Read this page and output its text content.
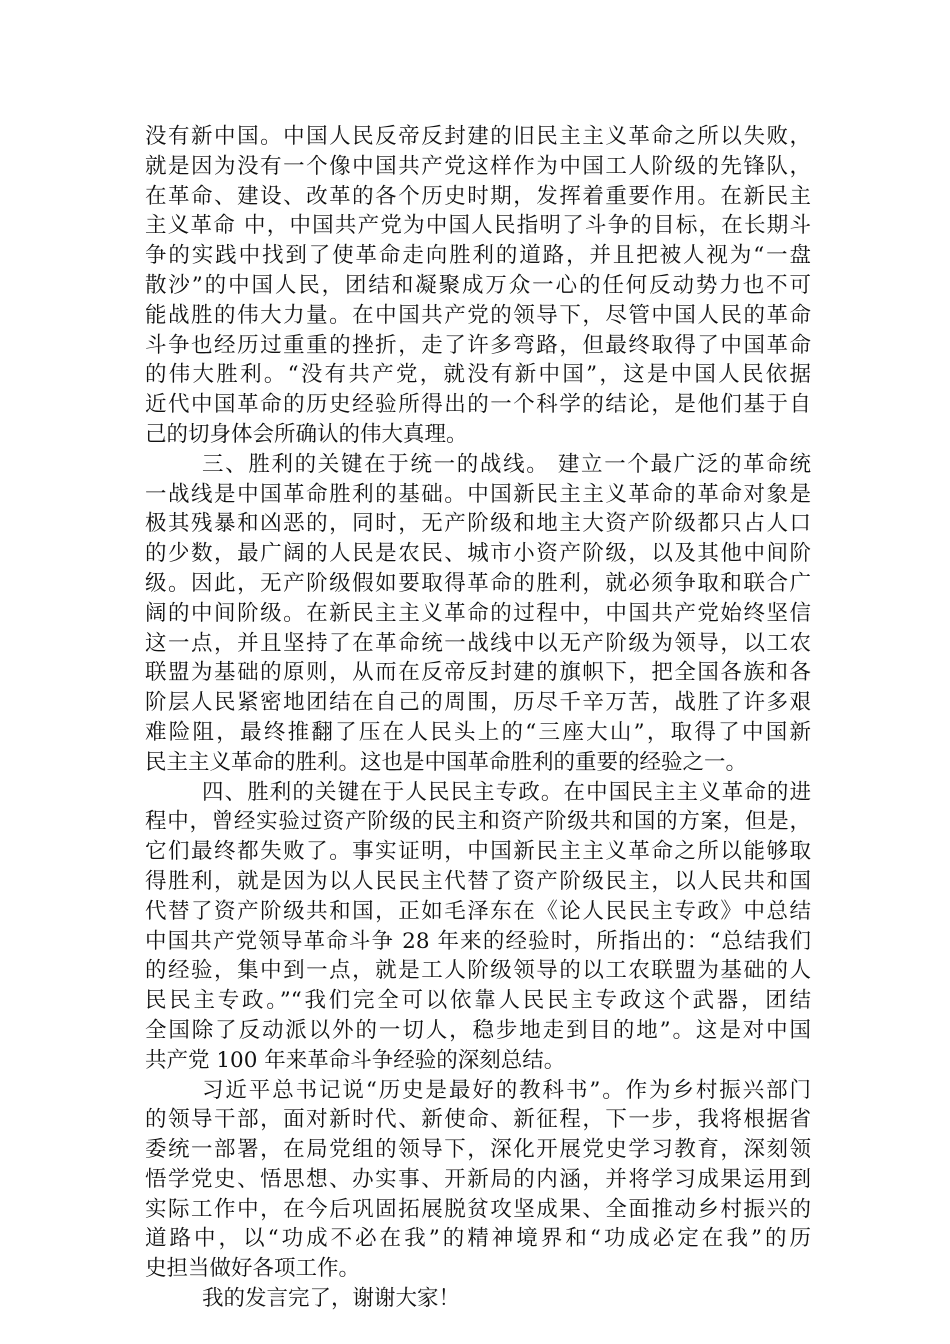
没有新中国。中国人民反帝反封建的旧民主主义革命之所以失败，
就是因为没有一个像中国共产党这样作为中国工人阶级的先锋队，
在革命、建设、改革的各个历史时期，发挥着重要作用。在新民主
主义革命 中，中国共产党为中国人民指明了斗争的目标，在长期斗
争的实践中找到了使革命走向胜利的道路，并且把被人视为“一盘
散沙”的中国人民，团结和凝聚成万众一心的任何反动势力也不可
能战胜的伟大力量。在中国共产党的领导下，尽管中国人民的革命
斗争也经历过重重的挫折，走了许多弯路，但最终取得了中国革命
的伟大胜利。“没有共产党，就没有新中国”，这是中国人民依据
近代中国革命的历史经验所得出的一个科学的结论，是他们基于自
己的切身体会所确认的伟大真理。
三、胜利的关键在于统一的战线。 建立一个最广泛的革命统
一战线是中国革命胜利的基础。中国新民主主义革命的革命对象是
极其残暴和凶恶的，同时，无产阶级和地主大资产阶级都只占人口
的少数，最广阔的人民是农民、城市小资产阶级，以及其他中间阶
级。因此，无产阶级假如要取得革命的胜利，就必须争取和联合广
阔的中间阶级。在新民主主义革命的过程中，中国共产党始终坚信
这一点，并且坚持了在革命统一战线中以无产阶级为领导，以工农
联盟为基础的原则，从而在反帝反封建的旗帜下，把全国各族和各
阶层人民紧密地团结在自己的周围，历尽千辛万苦，战胜了许多艰
难险阻，最终推翻了压在人民头上的“三座大山”，取得了中国新
民主主义革命的胜利。这也是中国革命胜利的重要的经验之一。
四、胜利的关键在于人民民主专政。在中国民主主义革命的进
程中，曾经实验过资产阶级的民主和资产阶级共和国的方案，但是，
它们最终都失败了。事实证明，中国新民主主义革命之所以能够取
得胜利，就是因为以人民民主代替了资产阶级民主，以人民共和国
代替了资产阶级共和国，正如毛泽东在《论人民民主专政》中总结
中国共产党领导革命斗争 28 年来的经验时，所指出的：“总结我们
的经验，集中到一点，就是工人阶级领导的以工农联盟为基础的人
民民主专政。”“我们完全可以依靠人民民主专政这个武器，团结
全国除了反动派以外的一切人，稳步地走到目的地”。这是对中国
共产党 100 年来革命斗争经验的深刻总结。
习近平总书记说“历史是最好的教科书”。作为乡村振兴部门
的领导干部，面对新时代、新使命、新征程，下一步，我将根据省
委统一部署，在局党组的领导下，深化开展党史学习教育，深刻领
悟学党史、悟思想、办实事、开新局的内涵，并将学习成果运用到
实际工作中，在今后巩固拓展脱贫攻坚成果、全面推动乡村振兴的
道路中，以“功成不必在我”的精神境界和“功成必定在我”的历
史担当做好各项工作。
我的发言完了，谢谢大家！
